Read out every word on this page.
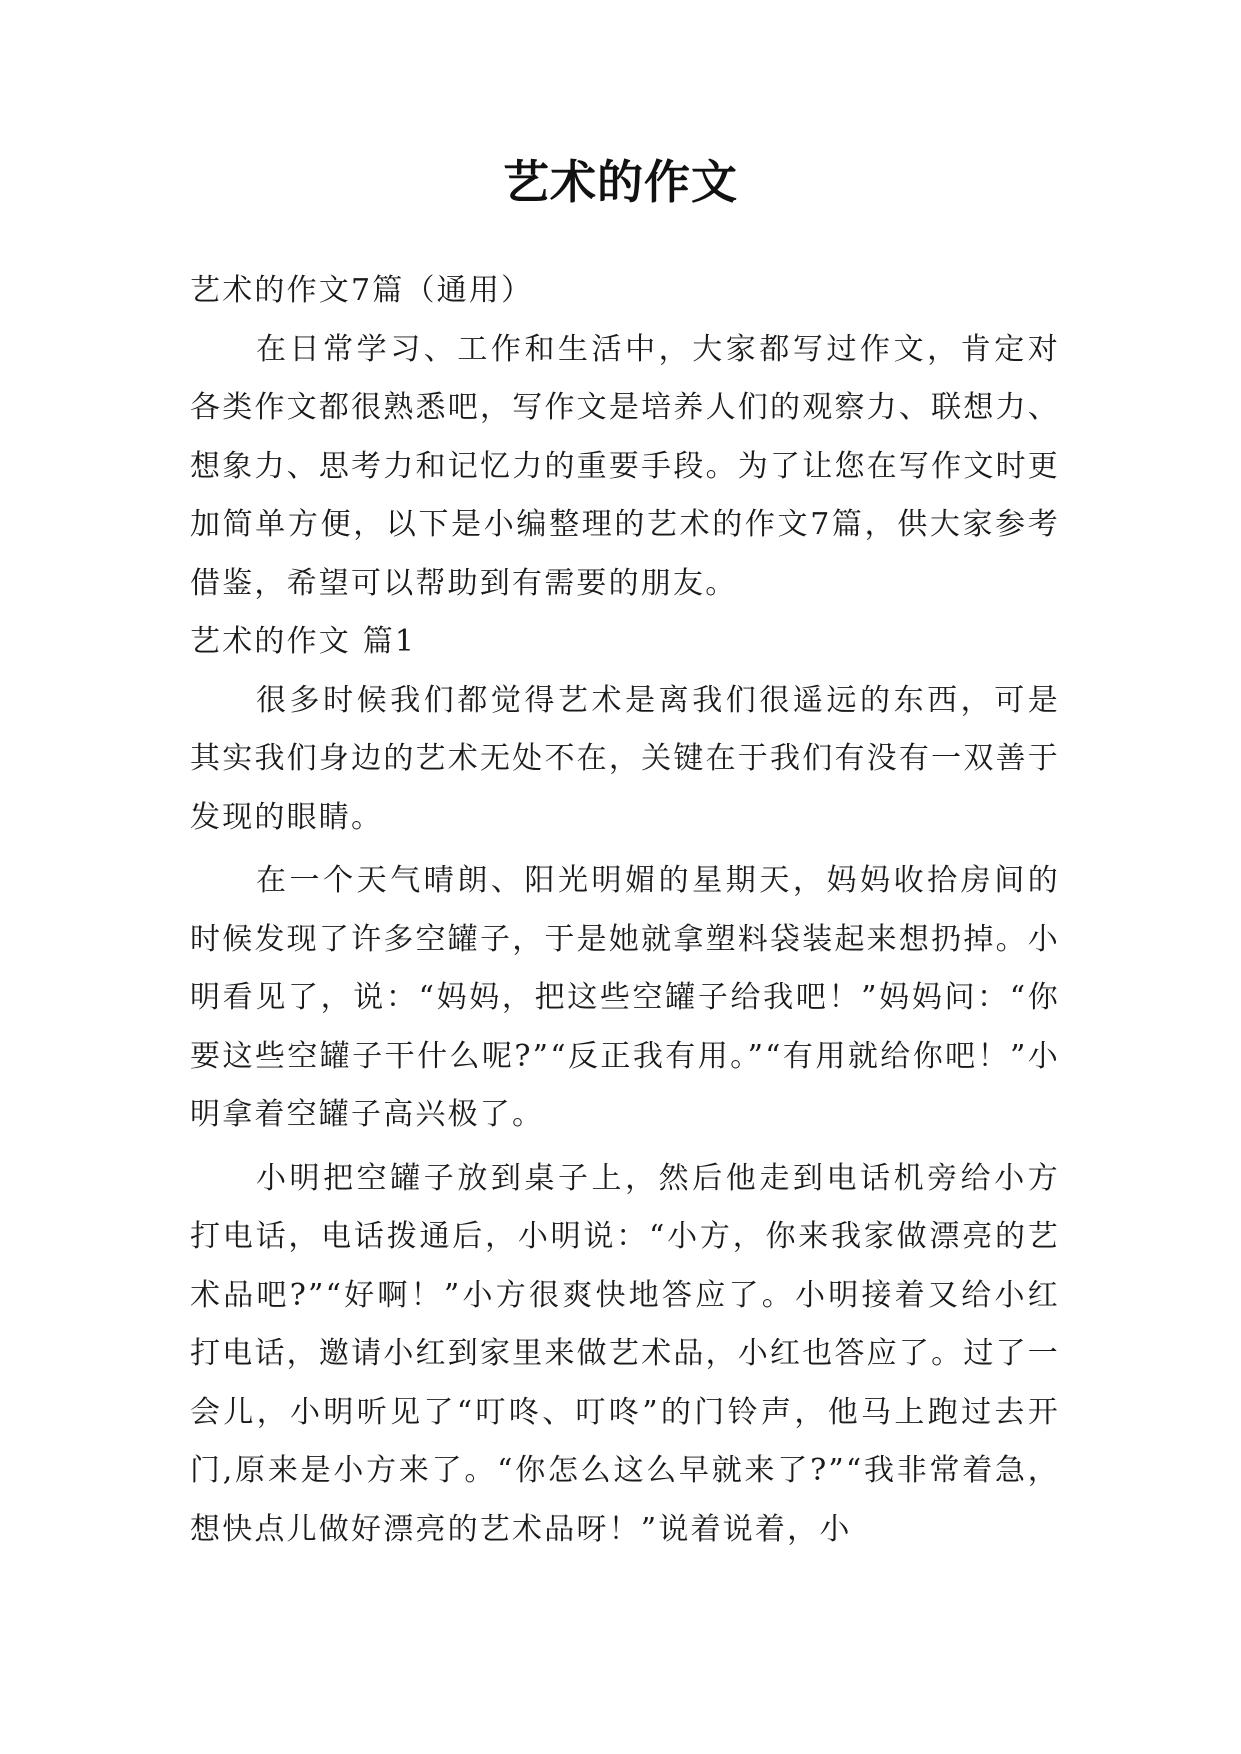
艺术的作文

艺术的作文7篇（通用）

在日常学习、工作和生活中，大家都写过作文，肯定对各类作文都很熟悉吧，写作文是培养人们的观察力、联想力、想象力、思考力和记忆力的重要手段。为了让您在写作文时更加简单方便，以下是小编整理的艺术的作文7篇，供大家参考借鉴，希望可以帮助到有需要的朋友。

艺术的作文 篇1

很多时候我们都觉得艺术是离我们很遥远的东西，可是其实我们身边的艺术无处不在，关键在于我们有没有一双善于发现的眼睛。

在一个天气晴朗、阳光明媚的星期天，妈妈收拾房间的时候发现了许多空罐子，于是她就拿塑料袋装起来想扔掉。小明看见了，说：“妈妈，把这些空罐子给我吧！”妈妈问：“你要这些空罐子干什么呢?”“反正我有用。”“有用就给你吧！”小明拿着空罐子高兴极了。

小明把空罐子放到桌子上，然后他走到电话机旁给小方打电话，电话拨通后，小明说：“小方，你来我家做漂亮的艺术品吧?”“好啊！”小方很爽快地答应了。小明接着又给小红打电话，邀请小红到家里来做艺术品，小红也答应了。过了一会儿，小明听见了“叮咚、叮咚”的门铃声，他马上跑过去开门,原来是小方来了。“你怎么这么早就来了?”“我非常着急，想快点儿做好漂亮的艺术品呀！”说着说着，小
